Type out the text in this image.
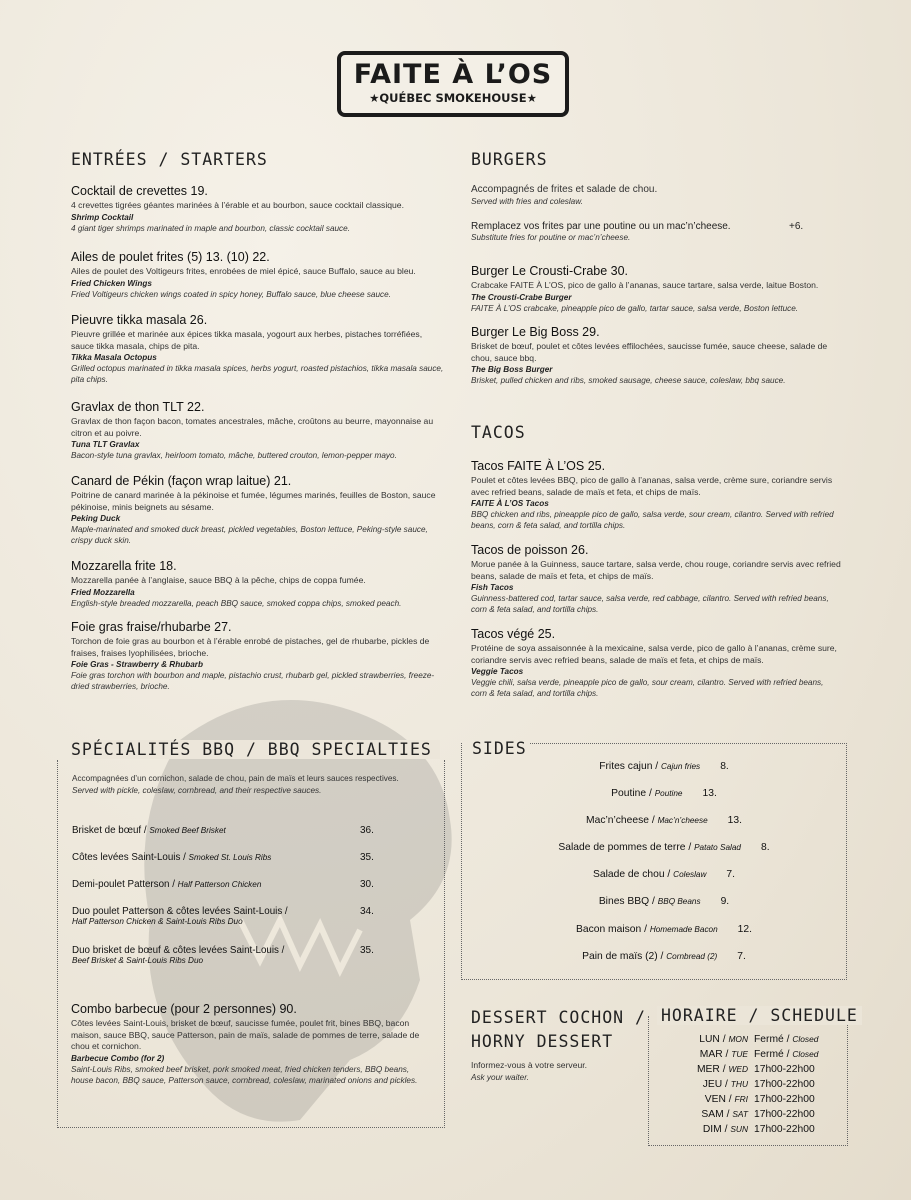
FAITE À L’OS
★QUÉBEC SMOKEHOUSE★
ENTRÉES / STARTERS
Cocktail de crevettes 19.
4 crevettes tigrées géantes marinées à l’érable et au bourbon, sauce cocktail classique.
Shrimp Cocktail
4 giant tiger shrimps marinated in maple and bourbon, classic cocktail sauce.
Ailes de poulet frites (5) 13. (10) 22.
Ailes de poulet des Voltigeurs frites, enrobées de miel épicé, sauce Buffalo, sauce au bleu.
Fried Chicken Wings
Fried Voltigeurs chicken wings coated in spicy honey, Buffalo sauce, blue cheese sauce.
Pieuvre tikka masala 26.
Pieuvre grillée et marinée aux épices tikka masala, yogourt aux herbes, pistaches torréfiées, sauce tikka masala, chips de pita.
Tikka Masala Octopus
Grilled octopus marinated in tikka masala spices, herbs yogurt, roasted pistachios, tikka masala sauce, pita chips.
Gravlax de thon TLT 22.
Gravlax de thon façon bacon, tomates ancestrales, mâche, croûtons au beurre, mayonnaise au citron et au poivre.
Tuna TLT Gravlax
Bacon-style tuna gravlax, heirloom tomato, mâche, buttered crouton, lemon-pepper mayo.
Canard de Pékin (façon wrap laitue) 21.
Poitrine de canard marinée à la pékinoise et fumée, légumes marinés, feuilles de Boston, sauce pékinoise, minis beignets au sésame.
Peking Duck
Maple-marinated and smoked duck breast, pickled vegetables, Boston lettuce, Peking-style sauce, crispy duck skin.
Mozzarella frite 18.
Mozzarella panée à l’anglaise, sauce BBQ à la pêche, chips de coppa fumée.
Fried Mozzarella
English-style breaded mozzarella, peach BBQ sauce, smoked coppa chips, smoked peach.
Foie gras fraise/rhubarbe 27.
Torchon de foie gras au bourbon et à l’érable enrobé de pistaches, gel de rhubarbe, pickles de fraises, fraises lyophilisées, brioche.
Foie Gras - Strawberry & Rhubarb
Foie gras torchon with bourbon and maple, pistachio crust, rhubarb gel, pickled strawberries, freeze-dried strawberries, brioche.
BURGERS
Accompagnés de frites et salade de chou.
Served with fries and coleslaw.
Remplacez vos frites par une poutine ou un mac’n’cheese.	+6.
Substitute fries for poutine or mac’n’cheese.
Burger Le Crousti-Crabe 30.
Crabcake FAITE À L’OS, pico de gallo à l’ananas, sauce tartare, salsa verde, laitue Boston.
The Crousti-Crabe Burger
FAITE À L’OS crabcake, pineapple pico de gallo, tartar sauce, salsa verde, Boston lettuce.
Burger Le Big Boss 29.
Brisket de bœuf, poulet et côtes levées effilochées, saucisse fumée, sauce cheese, salade de chou, sauce bbq.
The Big Boss Burger
Brisket, pulled chicken and ribs, smoked sausage, cheese sauce, coleslaw, bbq sauce.
TACOS
Tacos FAITE À L’OS 25.
Poulet et côtes levées BBQ, pico de gallo à l’ananas, salsa verde, crème sure, coriandre servis avec refried beans, salade de maïs et feta, et chips de maïs.
FAITE À L’OS Tacos
BBQ chicken and ribs, pineapple pico de gallo, salsa verde, sour cream, cilantro. Served with refried beans, corn & feta salad, and tortilla chips.
Tacos de poisson 26.
Morue panée à la Guinness, sauce tartare, salsa verde, chou rouge, coriandre servis avec refried beans, salade de maïs et feta, et chips de maïs.
Fish Tacos
Guinness-battered cod, tartar sauce, salsa verde, red cabbage, cilantro. Served with refried beans, corn & feta salad, and tortilla chips.
Tacos végé 25.
Protéine de soya assaisonnée à la mexicaine, salsa verde, pico de gallo à l’ananas, crème sure, coriandre servis avec refried beans, salade de maïs et feta, et chips de maïs.
Veggie Tacos
Veggie chili, salsa verde, pineapple pico de gallo, sour cream, cilantro. Served with refried beans, corn & feta salad, and tortilla chips.
SPÉCIALITÉS BBQ / BBQ SPECIALTIES
Accompagnées d’un cornichon, salade de chou, pain de maïs et leurs sauces respectives.
Served with pickle, coleslaw, cornbread, and their respective sauces.
Brisket de bœuf / Smoked Beef Brisket	36.
Côtes levées Saint-Louis / Smoked St. Louis Ribs	35.
Demi-poulet Patterson / Half Patterson Chicken	30.
Duo poulet Patterson & côtes levées Saint-Louis /
Half Patterson Chicken & Saint-Louis Ribs Duo
34.
Duo brisket de bœuf & côtes levées Saint-Louis /
Beef Brisket & Saint-Louis Ribs Duo
35.
Combo barbecue (pour 2 personnes) 90.
Côtes levées Saint-Louis, brisket de bœuf, saucisse fumée, poulet frit, bines BBQ, bacon maison, sauce BBQ, sauce Patterson, pain de maïs, salade de pommes de terre, salade de chou et cornichon.
Barbecue Combo (for 2)
Saint-Louis Ribs, smoked beef brisket, pork smoked meat, fried chicken tenders, BBQ beans, house bacon, BBQ sauce, Patterson sauce, cornbread, coleslaw, marinated onions and pickles.
SIDES
Frites cajun / Cajun fries 8.
Poutine / Poutine 13.
Mac’n’cheese / Mac’n’cheese 13.
Salade de pommes de terre / Patato Salad 8.
Salade de chou / Coleslaw 7.
Bines BBQ / BBQ Beans 9.
Bacon maison / Homemade Bacon 12.
Pain de maïs (2) / Cornbread (2) 7.
DESSERT COCHON /
HORNY DESSERT
Informez-vous à votre serveur.
Ask your waiter.
HORAIRE / SCHEDULE
LUN / MON Fermé / Closed
MAR / TUE Fermé / Closed
MER / WED 17h00-22h00
JEU / THU 17h00-22h00
VEN / FRI 17h00-22h00
SAM / SAT 17h00-22h00
DIM / SUN 17h00-22h00
